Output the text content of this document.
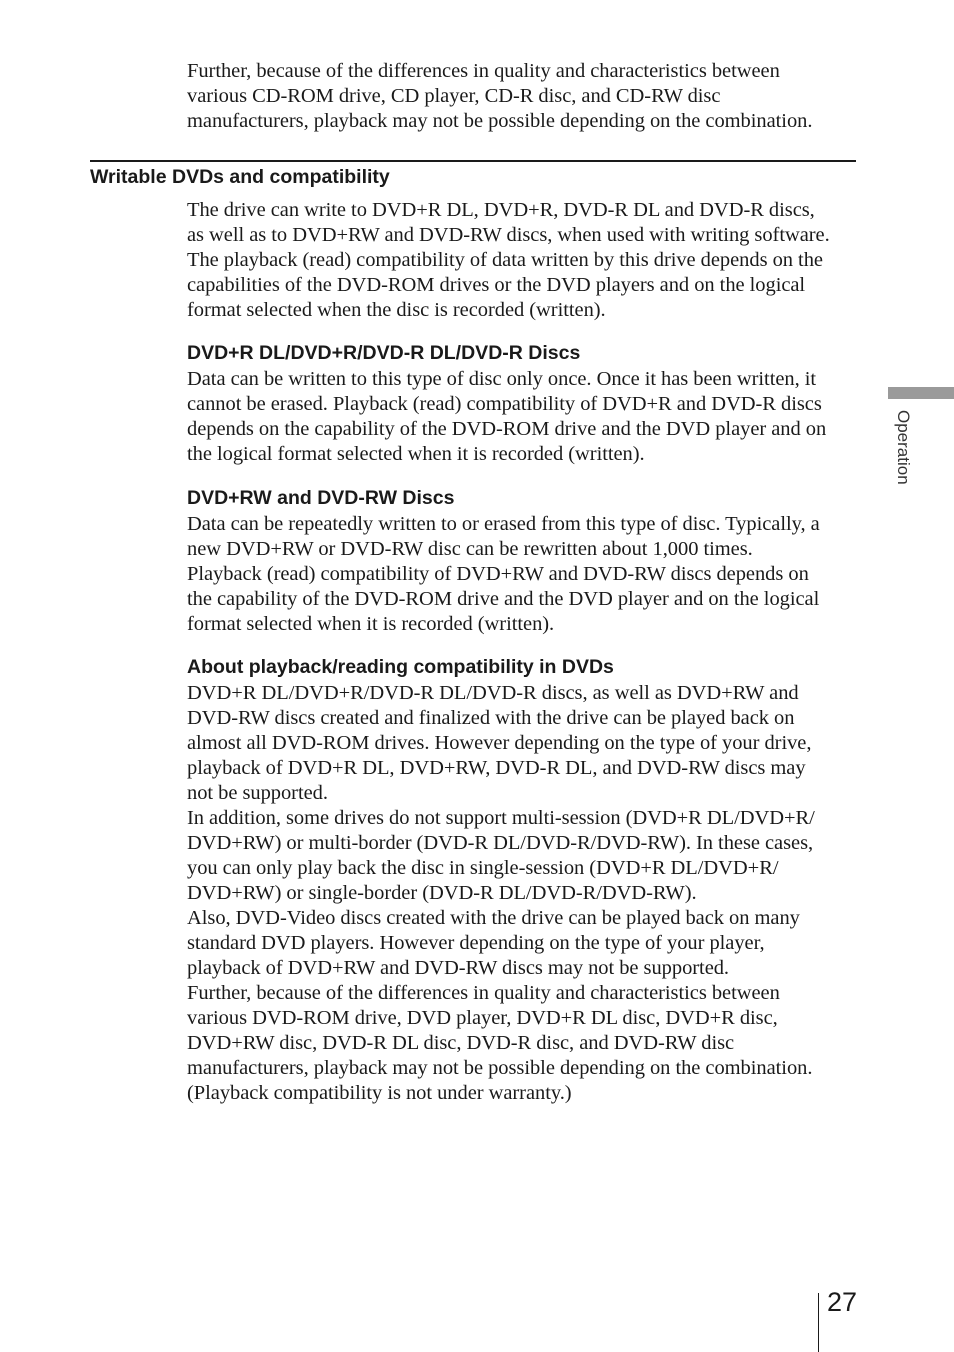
Further, because of the differences in quality and characteristics between
various CD-ROM drive, CD player, CD-R disc, and CD-RW disc
manufacturers, playback may not be possible depending on the combination.
Writable DVDs and compatibility
The drive can write to DVD+R DL, DVD+R, DVD-R DL and DVD-R discs,
as well as to DVD+RW and DVD-RW discs, when used with writing software.
The playback (read) compatibility of data written by this drive depends on the
capabilities of the DVD-ROM drives or the DVD players and on the logical
format selected when the disc is recorded (written).
DVD+R DL/DVD+R/DVD-R DL/DVD-R Discs
Data can be written to this type of disc only once. Once it has been written, it
cannot be erased. Playback (read) compatibility of DVD+R and DVD-R discs
depends on the capability of the DVD-ROM drive and the DVD player and on
the logical format selected when it is recorded (written).
DVD+RW and DVD-RW Discs
Data can be repeatedly written to or erased from this type of disc. Typically, a
new DVD+RW or DVD-RW disc can be rewritten about 1,000 times.
Playback (read) compatibility of DVD+RW and DVD-RW discs depends on
the capability of the DVD-ROM drive and the DVD player and on the logical
format selected when it is recorded (written).
About playback/reading compatibility in DVDs
DVD+R DL/DVD+R/DVD-R DL/DVD-R discs, as well as DVD+RW and
DVD-RW discs created and finalized with the drive can be played back on
almost all DVD-ROM drives. However depending on the type of your drive,
playback of DVD+R DL, DVD+RW, DVD-R DL, and DVD-RW discs may
not be supported.
In addition, some drives do not support multi-session (DVD+R DL/DVD+R/
DVD+RW) or multi-border (DVD-R DL/DVD-R/DVD-RW). In these cases,
you can only play back the disc in single-session (DVD+R DL/DVD+R/
DVD+RW) or single-border (DVD-R DL/DVD-R/DVD-RW).
Also, DVD-Video discs created with the drive can be played back on many
standard DVD players. However depending on the type of your player,
playback of DVD+RW and DVD-RW discs may not be supported.
Further, because of the differences in quality and characteristics between
various DVD-ROM drive, DVD player, DVD+R DL disc, DVD+R disc,
DVD+RW disc, DVD-R DL disc, DVD-R disc, and DVD-RW disc
manufacturers, playback may not be possible depending on the combination.
(Playback compatibility is not under warranty.)
Operation
27
